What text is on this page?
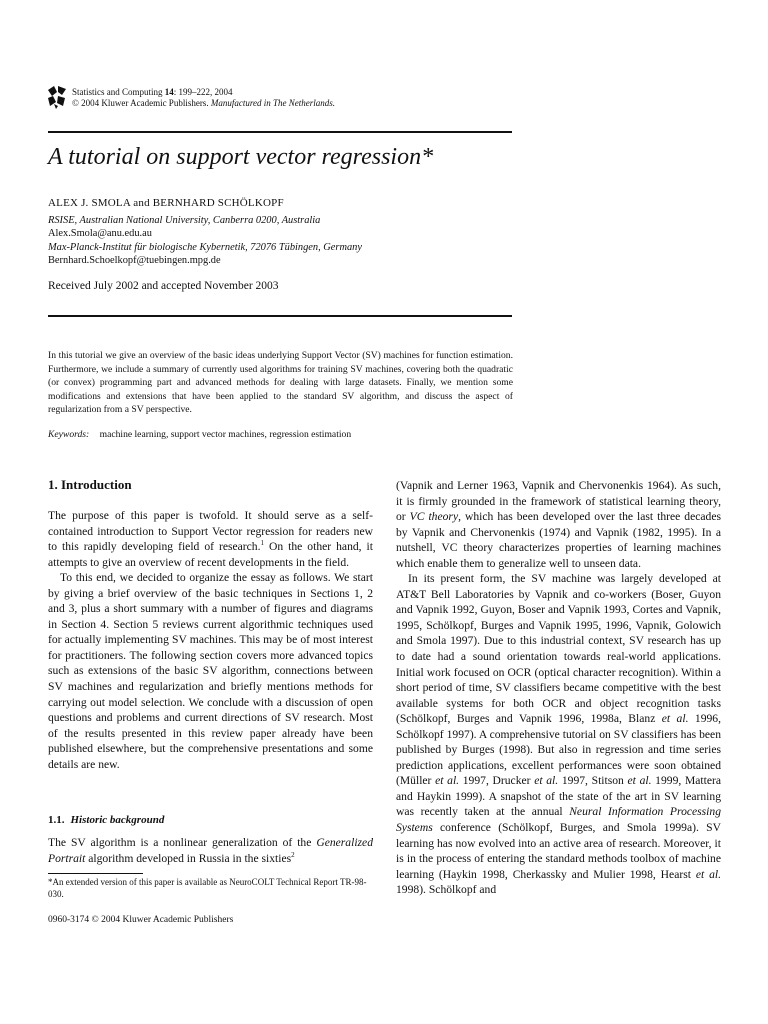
Statistics and Computing 14: 199–222, 2004
© 2004 Kluwer Academic Publishers. Manufactured in The Netherlands.
A tutorial on support vector regression*
ALEX J. SMOLA and BERNHARD SCHÖLKOPF
RSISE, Australian National University, Canberra 0200, Australia
Alex.Smola@anu.edu.au
Max-Planck-Institut für biologische Kybernetik, 72076 Tübingen, Germany
Bernhard.Schoelkopf@tuebingen.mpg.de
Received July 2002 and accepted November 2003
In this tutorial we give an overview of the basic ideas underlying Support Vector (SV) machines for function estimation. Furthermore, we include a summary of currently used algorithms for training SV machines, covering both the quadratic (or convex) programming part and advanced methods for dealing with large datasets. Finally, we mention some modifications and extensions that have been applied to the standard SV algorithm, and discuss the aspect of regularization from a SV perspective.
Keywords: machine learning, support vector machines, regression estimation
1. Introduction

The purpose of this paper is twofold. It should serve as a self-contained introduction to Support Vector regression for readers new to this rapidly developing field of research.$^1$ On the other hand, it attempts to give an overview of recent developments in the field.

To this end, we decided to organize the essay as follows. We start by giving a brief overview of the basic techniques in Sections 1, 2 and 3, plus a short summary with a number of figures and diagrams in Section 4. Section 5 reviews current algorithmic techniques used for actually implementing SV machines. This may be of most interest for practitioners. The following section covers more advanced topics such as extensions of the basic SV algorithm, connections between SV machines and regularization and briefly mentions methods for carrying out model selection. We conclude with a discussion of open questions and problems and current directions of SV research. Most of the results presented in this review paper already have been published elsewhere, but the comprehensive presentations and some details are new.

1.1. Historic background

The SV algorithm is a nonlinear generalization of the Generalized Portrait algorithm developed in Russia in the sixties$^2$

*An extended version of this paper is available as NeuroCOLT Technical Report TR-98-030.
0960-3174 © 2004 Kluwer Academic Publishers

(Vapnik and Lerner 1963, Vapnik and Chervonenkis 1964). As such, it is firmly grounded in the framework of statistical learning theory, or VC theory, which has been developed over the last three decades by Vapnik and Chervonenkis (1974) and Vapnik (1982, 1995). In a nutshell, VC theory characterizes properties of learning machines which enable them to generalize well to unseen data.

In its present form, the SV machine was largely developed at AT&T Bell Laboratories by Vapnik and co-workers (Boser, Guyon and Vapnik 1992, Guyon, Boser and Vapnik 1993, Cortes and Vapnik, 1995, Schölkopf, Burges and Vapnik 1995, 1996, Vapnik, Golowich and Smola 1997). Due to this industrial context, SV research has up to date had a sound orientation towards real-world applications. Initial work focused on OCR (optical character recognition). Within a short period of time, SV classifiers became competitive with the best available systems for both OCR and object recognition tasks (Schölkopf, Burges and Vapnik 1996, 1998a, Blanz et al. 1996, Schölkopf 1997). A comprehensive tutorial on SV classifiers has been published by Burges (1998). But also in regression and time series prediction applications, excellent performances were soon obtained (Müller et al. 1997, Drucker et al. 1997, Stitson et al. 1999, Mattera and Haykin 1999). A snapshot of the state of the art in SV learning was recently taken at the annual Neural Information Processing Systems conference (Schölkopf, Burges, and Smola 1999a). SV learning has now evolved into an active area of research. Moreover, it is in the process of entering the standard methods toolbox of machine learning (Haykin 1998, Cherkassky and Mulier 1998, Hearst et al. 1998). Schölkopf and
